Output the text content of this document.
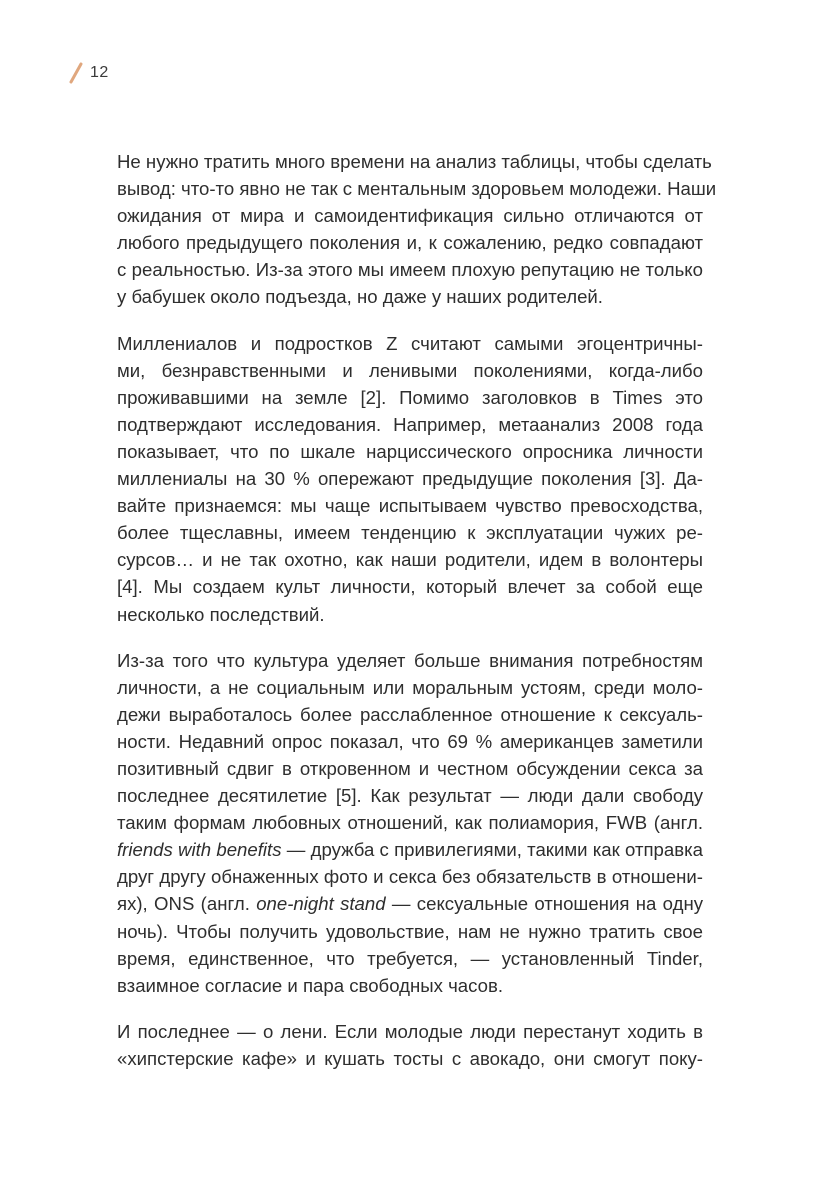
12

Не нужно тратить много времени на анализ таблицы, чтобы сделать
вывод: что-то явно не так с ментальным здоровьем молодежи. Наши
ожидания от мира и самоидентификация сильно отличаются от
любого предыдущего поколения и, к сожалению, редко совпадают
с реальностью. Из-за этого мы имеем плохую репутацию не только
у бабушек около подъезда, но даже у наших родителей.

Миллениалов и подростков Z считают самыми эгоцентричны-
ми, безнравственными и ленивыми поколениями, когда-либо
проживавшими на земле [2]. Помимо заголовков в Times это
подтверждают исследования. Например, метаанализ 2008 года
показывает, что по шкале нарциссического опросника личности
миллениалы на 30 % опережают предыдущие поколения [3]. Да-
вайте признаемся: мы чаще испытываем чувство превосходства,
более тщеславны, имеем тенденцию к эксплуатации чужих ре-
сурсов… и не так охотно, как наши родители, идем в волонтеры
[4]. Мы создаем культ личности, который влечет за собой еще
несколько последствий.

Из-за того что культура уделяет больше внимания потребностям
личности, а не социальным или моральным устоям, среди моло-
дежи выработалось более расслабленное отношение к сексуаль-
ности. Недавний опрос показал, что 69 % американцев заметили
позитивный сдвиг в откровенном и честном обсуждении секса за
последнее десятилетие [5]. Как результат — люди дали свободу
таким формам любовных отношений, как полиамория, FWB (англ.
friends with benefits — дружба с привилегиями, такими как отправка
друг другу обнаженных фото и секса без обязательств в отношени-
ях), ONS (англ. one-night stand — сексуальные отношения на одну
ночь). Чтобы получить удовольствие, нам не нужно тратить свое
время, единственное, что требуется, — установленный Tinder,
взаимное согласие и пара свободных часов.

И последнее — о лени. Если молодые люди перестанут ходить в
«хипстерские кафе» и кушать тосты с авокадо, они смогут поку-
